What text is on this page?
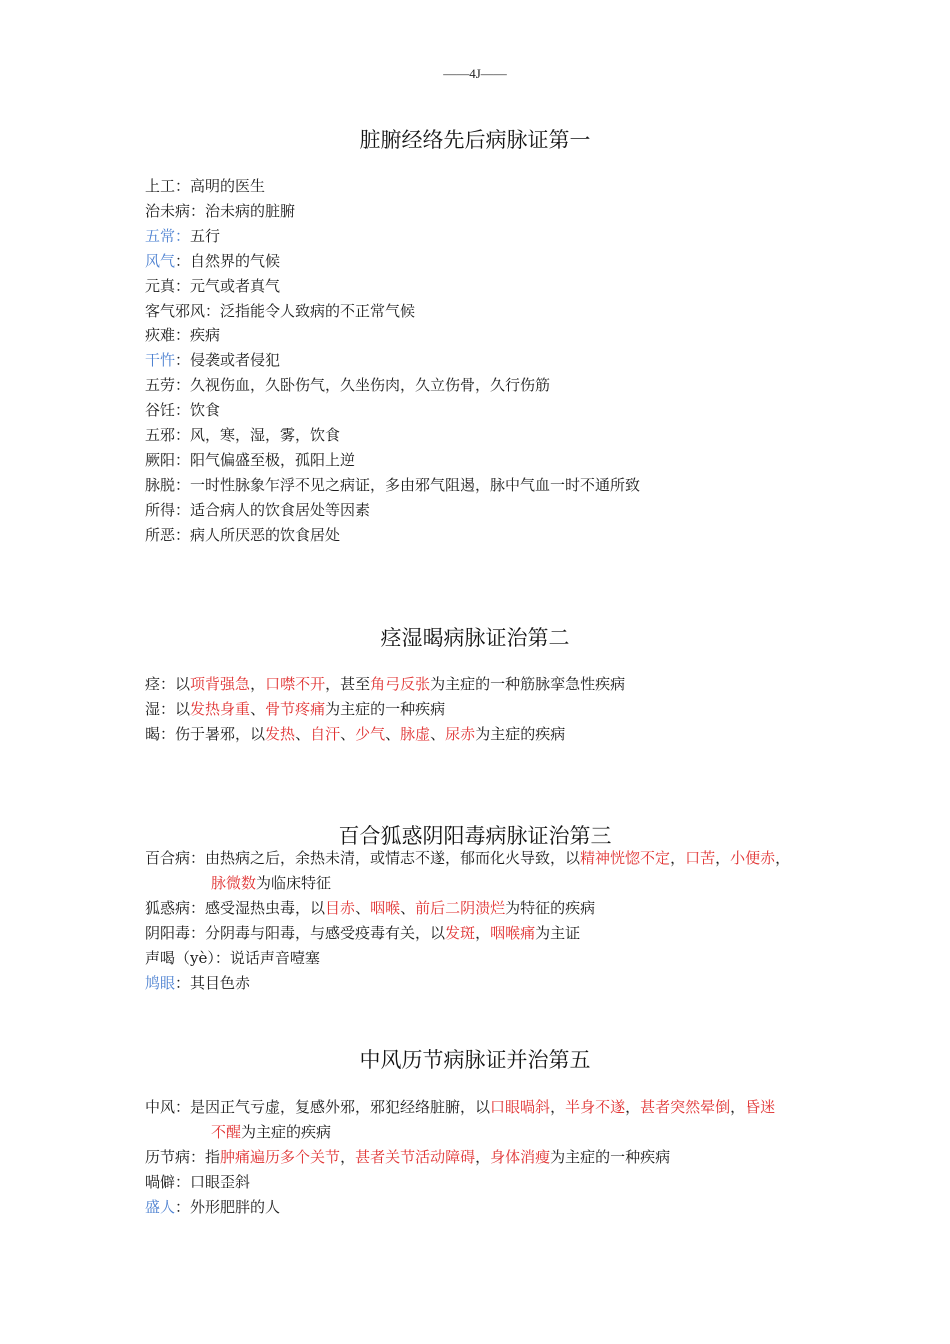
——4J——
脏腑经络先后病脉证第一
上工：高明的医生
治未病：治未病的脏腑
五常：五行
风气：自然界的气候
元真：元气或者真气
客气邪风：泛指能令人致病的不正常气候
疢难：疾病
干忤：侵袭或者侵犯
五劳：久视伤血，久卧伤气，久坐伤肉，久立伤骨，久行伤筋
谷饪：饮食
五邪：风，寒，湿，雾，饮食
厥阳：阳气偏盛至极，孤阳上逆
脉脱：一时性脉象乍浮不见之病证，多由邪气阻遏，脉中气血一时不通所致
所得：适合病人的饮食居处等因素
所恶：病人所厌恶的饮食居处
痉湿暍病脉证治第二
痉：以项背强急，口噤不开，甚至角弓反张为主症的一种筋脉挛急性疾病
湿：以发热身重、骨节疼痛为主症的一种疾病
暍：伤于暑邪，以发热、自汗、少气、脉虚、尿赤为主症的疾病
百合狐惑阴阳毒病脉证治第三
百合病：由热病之后，余热未清，或情志不遂，郁而化火导致，以精神恍惚不定，口苦，小便赤，
脉微数为临床特征
狐惑病：感受湿热虫毒，以目赤、咽喉、前后二阴溃烂为特征的疾病
阴阳毒：分阴毒与阳毒，与感受疫毒有关，以发斑，咽喉痛为主证
声喝（yè）：说话声音噎塞
鸠眼：其目色赤
中风历节病脉证并治第五
中风：是因正气亏虚，复感外邪，邪犯经络脏腑，以口眼喎斜，半身不遂，甚者突然晕倒，昏迷
不醒为主症的疾病
历节病：指肿痛遍历多个关节，甚者关节活动障碍，身体消瘦为主症的一种疾病
喎僻：口眼歪斜
盛人：外形肥胖的人
